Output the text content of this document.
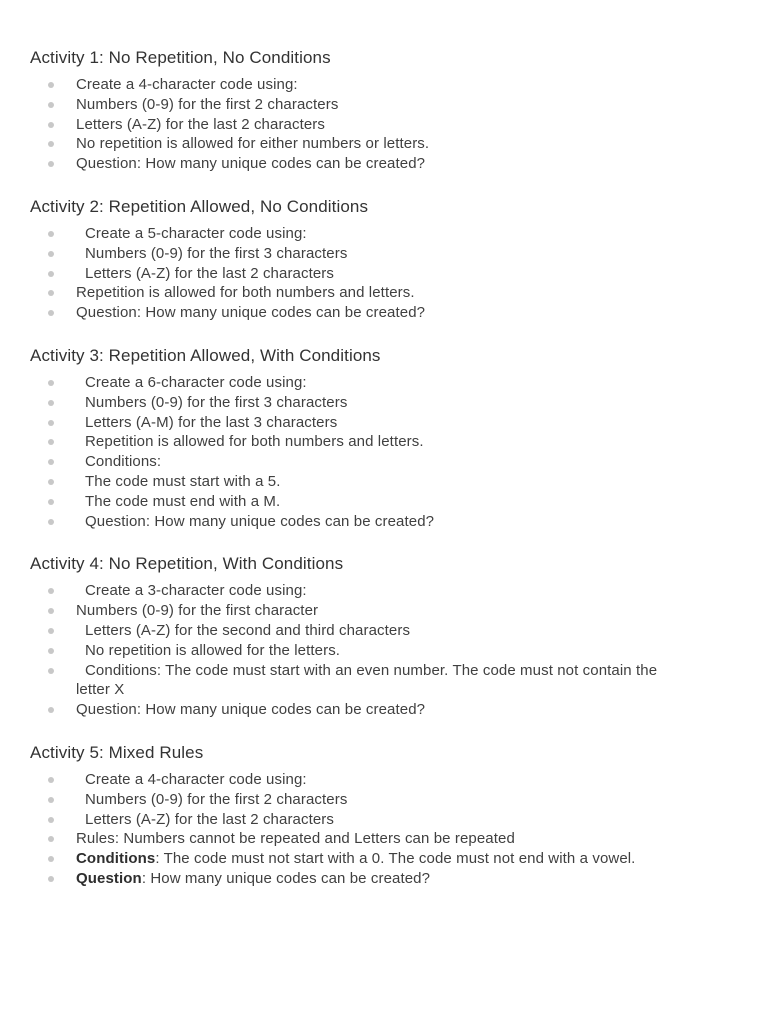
Activity 1: No Repetition, No Conditions
Create a 4-character code using:
Numbers (0-9) for the first 2 characters
Letters (A-Z) for the last 2 characters
No repetition is allowed for either numbers or letters.
Question: How many unique codes can be created?
Activity 2: Repetition Allowed, No Conditions
Create a 5-character code using:
Numbers (0-9) for the first 3 characters
Letters (A-Z) for the last 2 characters
Repetition is allowed for both numbers and letters.
Question: How many unique codes can be created?
Activity 3: Repetition Allowed, With Conditions
Create a 6-character code using:
Numbers (0-9) for the first 3 characters
Letters (A-M) for the last 3 characters
Repetition is allowed for both numbers and letters.
Conditions:
The code must start with a 5.
The code must end with a M.
Question: How many unique codes can be created?
Activity 4: No Repetition, With Conditions
Create a 3-character code using:
Numbers (0-9) for the first character
Letters (A-Z) for the second and third characters
No repetition is allowed for the letters.
Conditions: The code must start with an even number. The code must not contain the
letter X
Question: How many unique codes can be created?
Activity 5: Mixed Rules
Create a 4-character code using:
Numbers (0-9) for the first 2 characters
Letters (A-Z) for the last 2 characters
Rules: Numbers cannot be repeated and Letters can be repeated
Conditions: The code must not start with a 0. The code must not end with a vowel.
Question: How many unique codes can be created?
